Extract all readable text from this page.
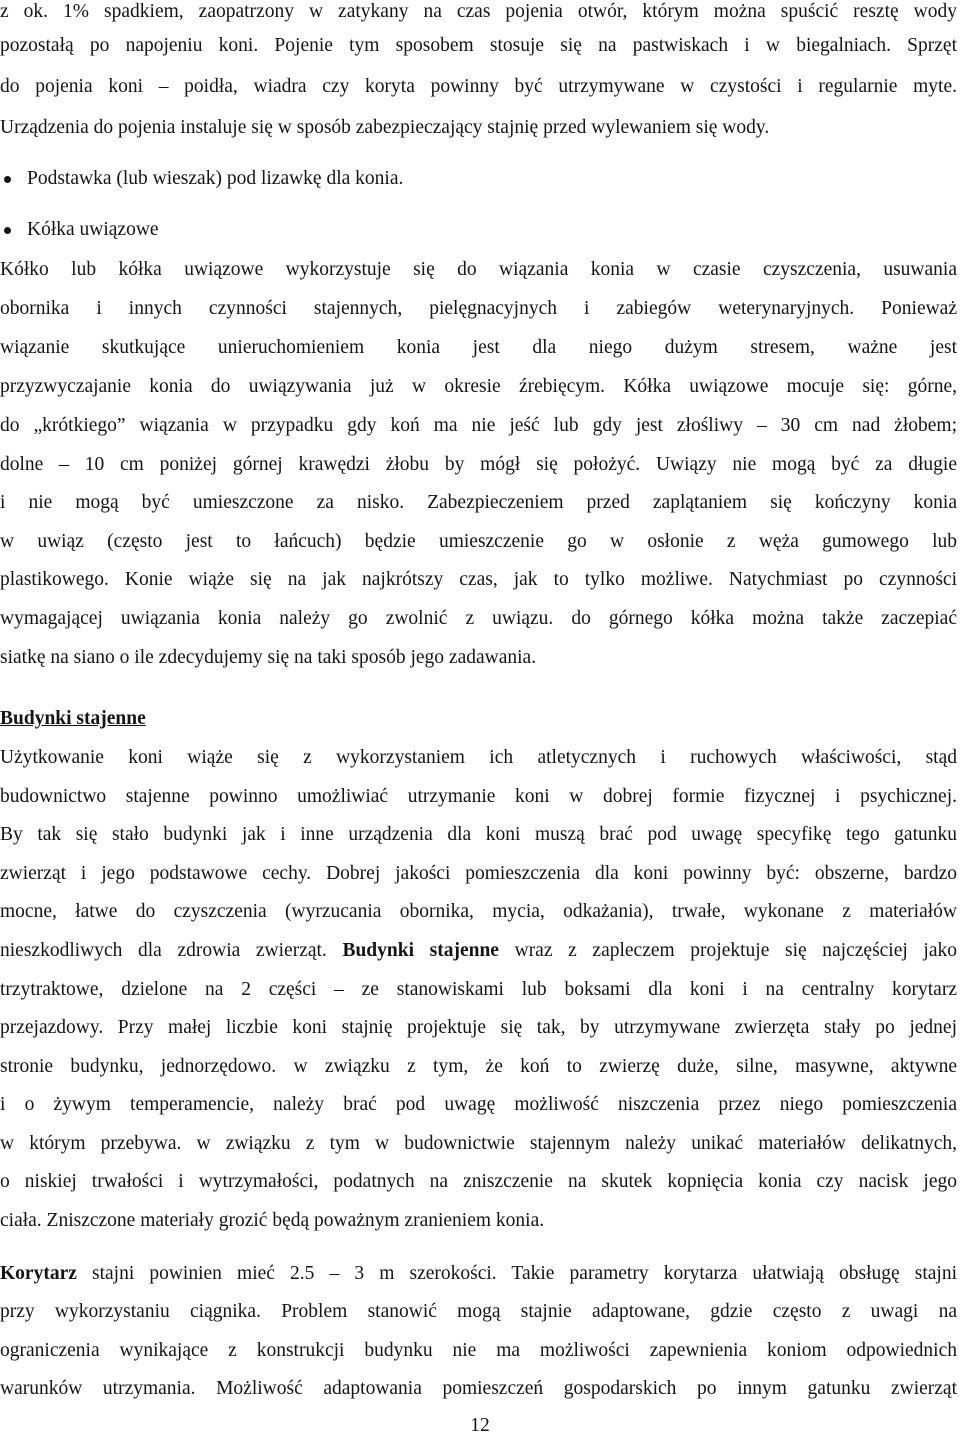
z ok. 1% spadkiem, zaopatrzony w zatykany na czas pojenia otwór, którym można spuścić resztę wody
pozostałą po napojeniu koni. Pojenie tym sposobem stosuje się na pastwiskach i w biegalniach. Sprzęt
do pojenia koni – poidła, wiadra czy koryta powinny być utrzymywane w czystości i regularnie myte.
Urządzenia do pojenia instaluje się w sposób zabezpieczający stajnię przed wylewaniem się wody.
Podstawka (lub wieszak) pod lizawkę dla konia.
Kółka uwiązowe
Kółko lub kółka uwiązowe wykorzystuje się do wiązania konia w czasie czyszczenia, usuwania
obornika i innych czynności stajennych, pielęgnacyjnych i zabiegów weterynaryjnych. Ponieważ
wiązanie skutkujące unieruchomieniem konia jest dla niego dużym stresem, ważne jest
przyzwyczajanie konia do uwiązywania już w okresie źrebięcym. Kółka uwiązowe mocuje się: górne,
do „krótkiego” wiązania w przypadku gdy koń ma nie jeść lub gdy jest złośliwy – 30 cm nad żłobem;
dolne – 10 cm poniżej górnej krawędzi żłobu by mógł się położyć. Uwiązy nie mogą być za długie
i nie mogą być umieszczone za nisko. Zabezpieczeniem przed zaplątaniem się kończyny konia
w uwiąz (często jest to łańcuch) będzie umieszczenie go w osłonie z węża gumowego lub
plastikowego. Konie wiąże się na jak najkrótszy czas, jak to tylko możliwe. Natychmiast po czynności
wymagającej uwiązania konia należy go zwolnić z uwiązu. do górnego kółka można także zaczepiać
siatkę na siano o ile zdecydujemy się na taki sposób jego zadawania.
Budynki stajenne
Użytkowanie koni wiąże się z wykorzystaniem ich atletycznych i ruchowych właściwości, stąd
budownictwo stajenne powinno umożliwiać utrzymanie koni w dobrej formie fizycznej i psychicznej.
By tak się stało budynki jak i inne urządzenia dla koni muszą brać pod uwagę specyfikę tego gatunku
zwierząt i jego podstawowe cechy. Dobrej jakości pomieszczenia dla koni powinny być: obszerne, bardzo
mocne, łatwe do czyszczenia (wyrzucania obornika, mycia, odkażania), trwałe, wykonane z materiałów
nieszkodliwych dla zdrowia zwierząt. Budynki stajenne wraz z zapleczem projektuje się najczęściej jako
trzytraktowe, dzielone na 2 części – ze stanowiskami lub boksami dla koni i na centralny korytarz
przejazdowy. Przy małej liczbie koni stajnię projektuje się tak, by utrzymywane zwierzęta stały po jednej
stronie budynku, jednorzędowo. w związku z tym, że koń to zwierzę duże, silne, masywne, aktywne
i o żywym temperamencie, należy brać pod uwagę możliwość niszczenia przez niego pomieszczenia
w którym przebywa. w związku z tym w budownictwie stajennym należy unikać materiałów delikatnych,
o niskiej trwałości i wytrzymałości, podatnych na zniszczenie na skutek kopnięcia konia czy nacisk jego
ciała. Zniszczone materiały grozić będą poważnym zranieniem konia.
Korytarz stajni powinien mieć 2.5 – 3 m szerokości. Takie parametry korytarza ułatwiają obsługę stajni
przy wykorzystaniu ciągnika. Problem stanowić mogą stajnie adaptowane, gdzie często z uwagi na
ograniczenia wynikające z konstrukcji budynku nie ma możliwości zapewnienia koniom odpowiednich
warunków utrzymania. Możliwość adaptowania pomieszczeń gospodarskich po innym gatunku zwierząt
12
